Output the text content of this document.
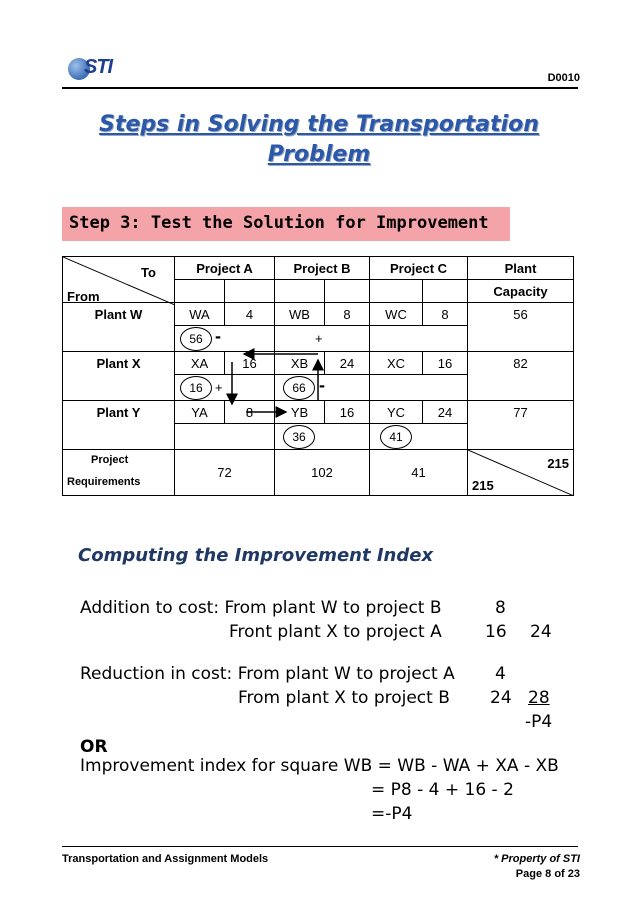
STI	D0010
Steps in Solving the Transportation
Problem
Step 3: Test the Solution for Improvement
To
From	Project A		Project B		Project C		Plant
							Capacity
Plant W	WA	4	WB	8	WC	8	56

	56 -		+				

Plant X	XA	16	XB	24	XC	16	82

	16 +		66 -				

Plant Y	YA	8	YB	16	YC	24	77

			36		41		

Project
Requirements	72		102		41		215
215
Computing the Improvement Index
Addition to cost: From plant W to project B	8
Front plant X to project A	16 24
Reduction in cost: From plant W to project A 4
From plant X to project B 24 28
-P4
OR
Improvement index for square WB = WB - WA + XA - XB
= P8 - 4 + 16 - 2
=-P4
Transportation and Assignment Models	* Property of STI
Page 8 of 23
